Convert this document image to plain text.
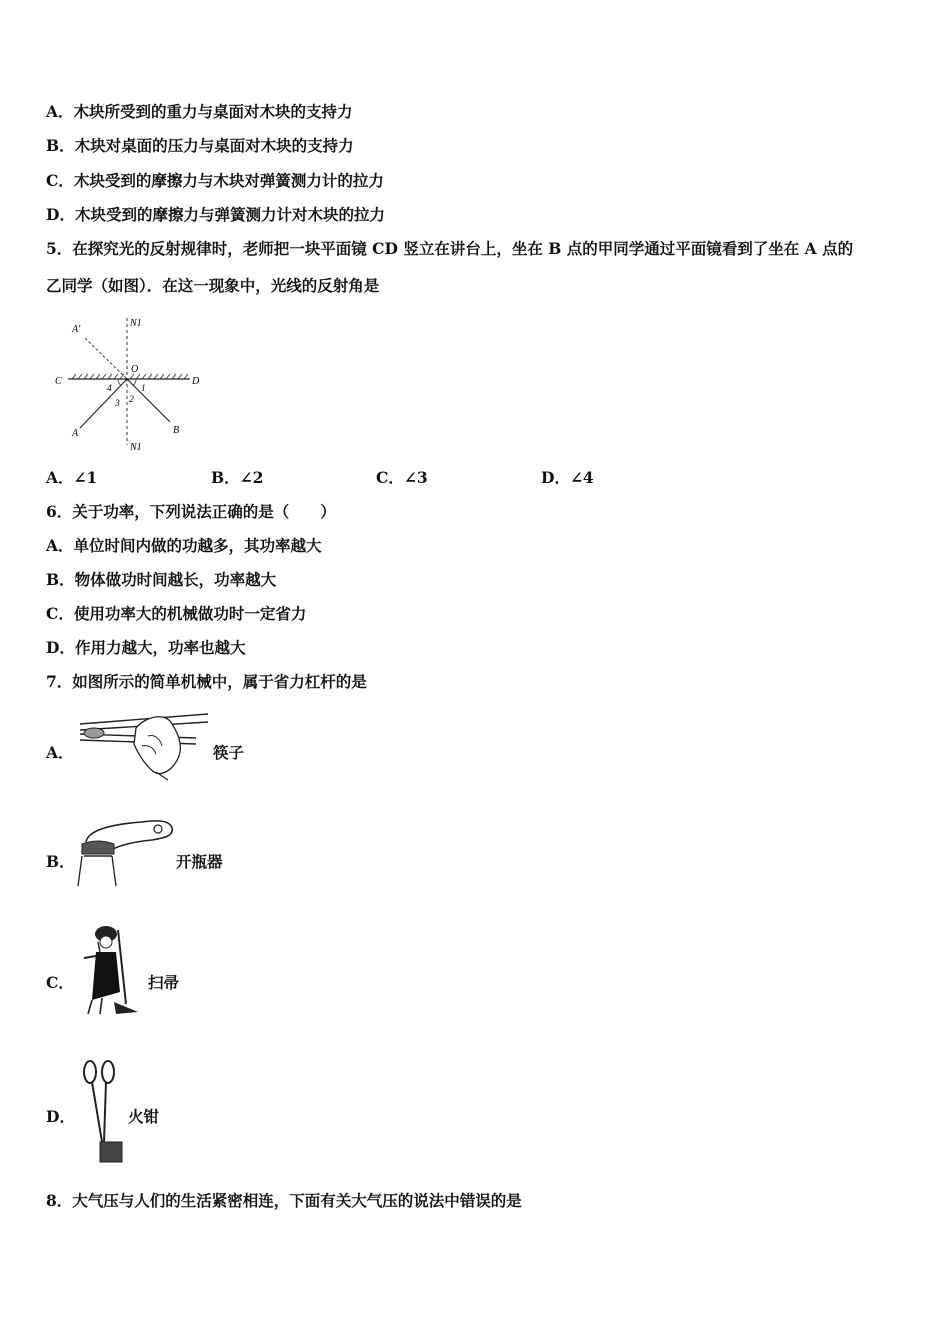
A．木块所受到的重力与桌面对木块的支持力
B．木块对桌面的压力与桌面对木块的支持力
C．木块受到的摩擦力与木块对弹簧测力计的拉力
D．木块受到的摩擦力与弹簧测力计对木块的拉力
5．在探究光的反射规律时，老师把一块平面镜 CD 竖立在讲台上，坐在 B 点的甲同学通过平面镜看到了坐在 A 点的
乙同学（如图）．在这一现象中，光线的反射角是
A′
N1
O
C	D
4	1
2
3
A	B
N1
A．∠1	B．∠2	C．∠3	D．∠4
6．关于功率，下列说法正确的是（　　）
A．单位时间内做的功越多，其功率越大
B．物体做功时间越长，功率越大
C．使用功率大的机械做功时一定省力
D．作用力越大，功率也越大
7．如图所示的简单机械中，属于省力杠杆的是
A．	筷子
B．	开瓶器
C．	扫帚
D．	火钳
8．大气压与人们的生活紧密相连，下面有关大气压的说法中错误的是
